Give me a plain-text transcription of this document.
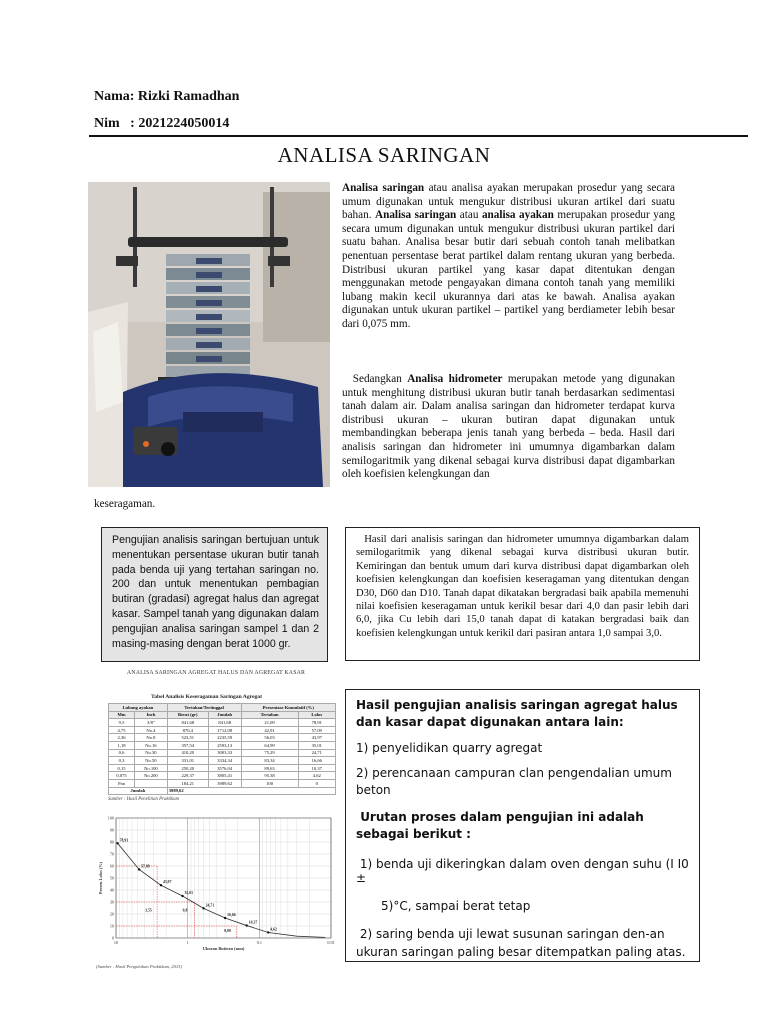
Nama: Rizki Ramadhan
Nim   : 2021224050014
ANALISA SARINGAN
Analisa saringan atau analisa ayakan merupakan prosedur yang secara umum digunakan untuk mengukur distribusi ukuran artikel dari suatu bahan. Analisa saringan atau analisa ayakan merupakan prosedur yang secara umum digunakan untuk mengukur distribusi ukuran partikel dari suatu bahan. Analisa besar butir dari sebuah contoh tanah melibatkan penentuan persentase berat partikel dalam rentang ukuran yang berbeda. Distribusi ukuran partikel yang kasar dapat ditentukan dengan menggunakan metode pengayakan dimana contoh tanah yang memiliki lubang makin kecil ukurannya dari atas ke bawah. Analisa ayakan digunakan untuk ukuran partikel – partikel yang berdiameter lebih besar dari 0,075 mm.
Sedangkan Analisa hidrometer merupakan metode yang digunakan untuk menghitung distribusi ukuran butir tanah berdasarkan sedimentasi tanah dalam air. Dalam analisa saringan dan hidrometer terdapat kurva distribusi ukuran – ukuran butiran dapat digunakan untuk membandingkan beberapa jenis tanah yang berbeda – beda. Hasil dari analisis saringan dan hidrometer ini umumnya digambarkan dalam semilogaritmik yang dikenal sebagai kurva distribusi dapat digambarkan oleh koefisien kelengkungan dan
keseragaman.
Pengujian analisis saringan bertujuan untuk menentukan persentase ukuran butir tanah pada benda uji yang tertahan saringan no. 200 dan untuk menentukan pembagian butiran (gradasi) agregat halus dan agregat kasar. Sampel tanah yang digunakan dalam pengujian analisa saringan sampel 1 dan 2 masing-masing dengan berat 1000 gr.
Hasil dari analisis saringan dan hidrometer umumnya digambarkan dalam semilogaritmik yang dikenal sebagai kurva distribusi ukuran butir. Kemiringan dan bentuk umum dari kurva distribusi dapat digambarkan oleh koefisien kelengkungan dan koefisien keseragaman yang ditentukan dengan D30, D60 dan D10. Tanah dapat dikatakan bergradasi baik apabila memenuhi nilai koefisien keseragaman untuk kerikil besar dari 4,0 dan pasir lebih dari 6,0, jika Cu lebih dari 15,0 tanah dapat di katakan bergradasi baik dan koefisien kelengkungan untuk kerikil dari pasiran antara 1,0 sampai 3,0.
ANALISA SARINGAN AGREGAT HALUS DAN AGREGAT KASAR
Tabel Analisis Keseragaman Saringan Agregat
Lubang ayakan		Tertahan/Tertinggal		Persentase Kumulatif (%)	
Mm	Inch	Berat (gr)	Jumlah	Tertahan	Lolos
9,5	3/8"	841,68	841,68	21,09	78,91
4,75	No.4	870,4	1712,08	42,91	57,09
2,36	No.8	523,51	2235,59	56,03	43,97
1,18	No.16	357,54	2593,13	64,99	35,01
0,6	No.30	410,20	3003,33	75,29	24,71
0,3	No.50	331,01	3334,34	83,34	16,66
0,15	No.100	250,20	3576,04	89,63	10,37
0,075	No.200	229,37	3805,41	95,38	4,62
Pan		184,21	3989,62	100	0
Jumlah		3989,62			
Sumber : Hasil Penelitian Praktikum
0
10
20
30
40
50
60
70
80
90
100
10	1	0.1	0.01
Ukuran Butiran (mm)
Persen Lolos (%)
78,91
57,09
43,97
35,01
24,71
16,66
10,37
4,62
3,55	0,8
0,09
(Sumber : Hasil Pengolahan Praktikum, 2015)

Hasil pengujian analisis saringan agregat halus dan kasar dapat digunakan antara lain:

1) penyelidikan quarry agregat

2) perencanaan campuran clan pengendalian umum beton

Urutan proses dalam pengujian ini adalah sebagai berikut :

1) benda uji dikeringkan dalam oven dengan suhu (I I0 ±

5)°C, sampai berat tetap

2) saring benda uji lewat susunan saringan den-an ukuran saringan paling besar ditempatkan paling atas.
